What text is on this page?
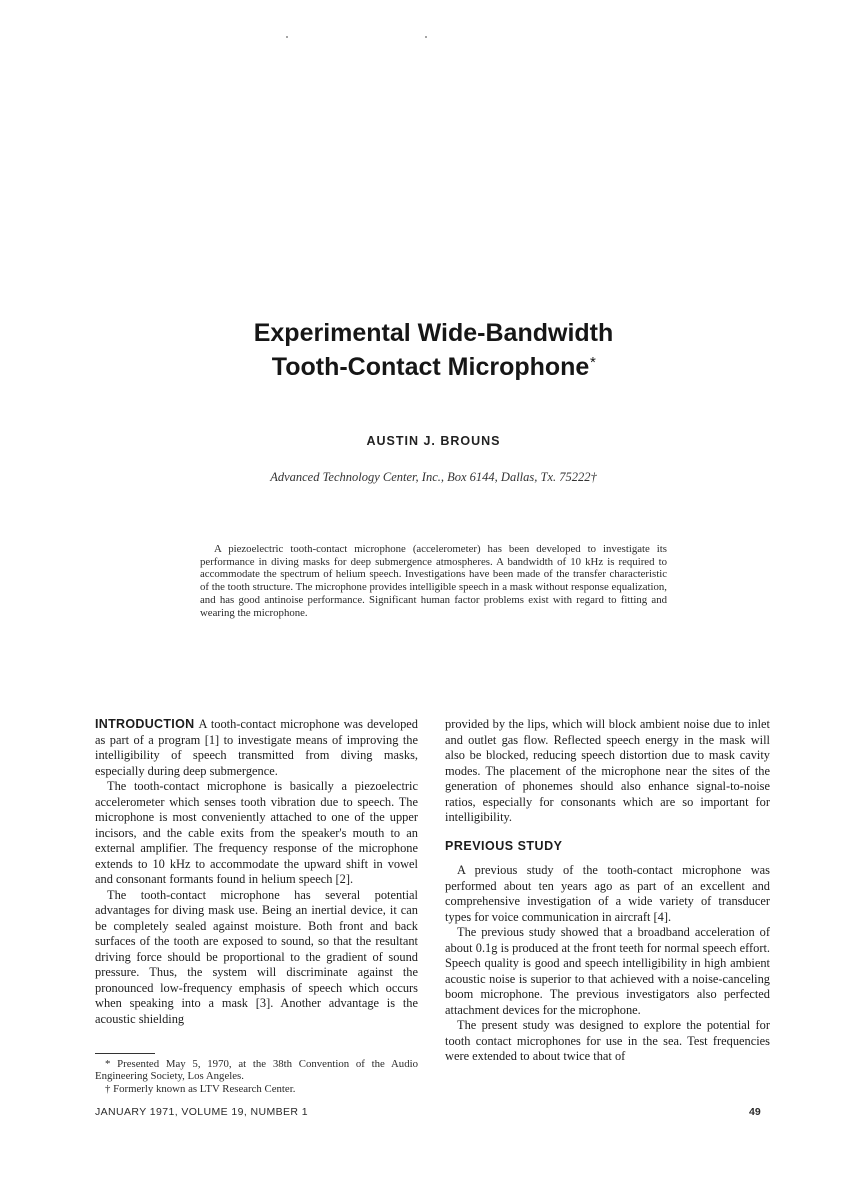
Experimental Wide-Bandwidth
Tooth-Contact Microphone*
AUSTIN J. BROUNS
Advanced Technology Center, Inc., Box 6144, Dallas, Tx. 75222†

A piezoelectric tooth-contact microphone (accelerometer) has been developed to investigate its performance in diving masks for deep submergence atmospheres. A bandwidth of 10 kHz is required to accommodate the spectrum of helium speech. Investigations have been made of the transfer characteristic of the tooth structure. The microphone provides intelligible speech in a mask without response equalization, and has good antinoise performance. Significant human factor problems exist with regard to fitting and wearing the microphone.

INTRODUCTION A tooth-contact microphone was developed as part of a program [1] to investigate means of improving the intelligibility of speech transmitted from diving masks, especially during deep submergence.

The tooth-contact microphone is basically a piezoelectric accelerometer which senses tooth vibration due to speech. The microphone is most conveniently attached to one of the upper incisors, and the cable exits from the speaker's mouth to an external amplifier. The frequency response of the microphone extends to 10 kHz to accommodate the upward shift in vowel and consonant formants found in helium speech [2].

The tooth-contact microphone has several potential advantages for diving mask use. Being an inertial device, it can be completely sealed against moisture. Both front and back surfaces of the tooth are exposed to sound, so that the resultant driving force should be proportional to the gradient of sound pressure. Thus, the system will discriminate against the pronounced low-frequency emphasis of speech which occurs when speaking into a mask [3]. Another advantage is the acoustic shielding

provided by the lips, which will block ambient noise due to inlet and outlet gas flow. Reflected speech energy in the mask will also be blocked, reducing speech distortion due to mask cavity modes. The placement of the microphone near the sites of the generation of phonemes should also enhance signal-to-noise ratios, especially for consonants which are so important for intelligibility.

PREVIOUS STUDY

A previous study of the tooth-contact microphone was performed about ten years ago as part of an excellent and comprehensive investigation of a wide variety of transducer types for voice communication in aircraft [4].

The previous study showed that a broadband acceleration of about 0.1g is produced at the front teeth for normal speech effort. Speech quality is good and speech intelligibility in high ambient acoustic noise is superior to that achieved with a noise-canceling boom microphone. The previous investigators also perfected attachment devices for the microphone.

The present study was designed to explore the potential for tooth contact microphones for use in the sea. Test frequencies were extended to about twice that of

* Presented May 5, 1970, at the 38th Convention of the Audio Engineering Society, Los Angeles.

† Formerly known as LTV Research Center.

JANUARY 1971, VOLUME 19, NUMBER 1	49
